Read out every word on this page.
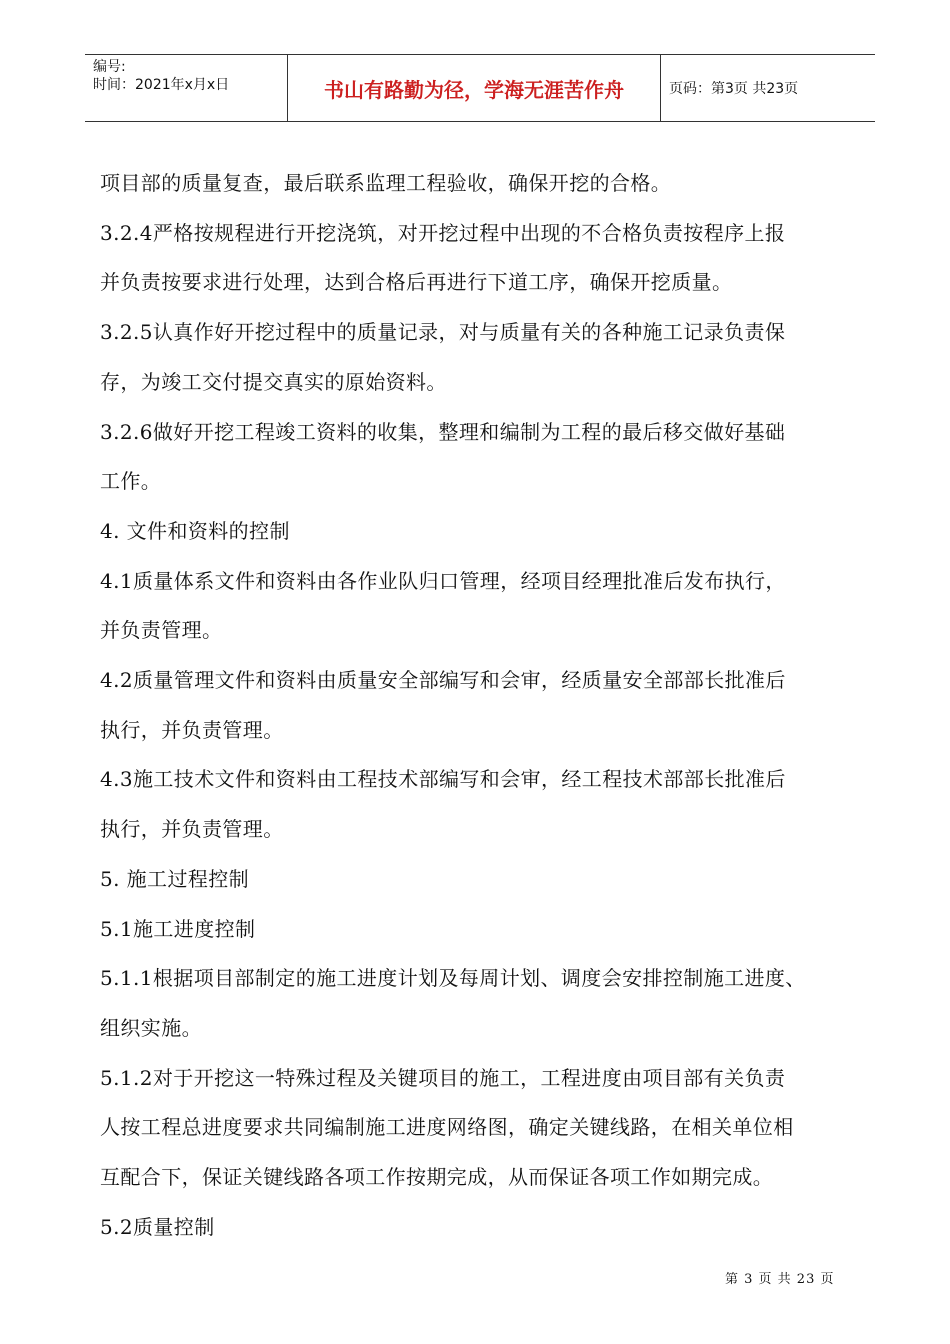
编号:
时间：2021年x月x日	书山有路勤为径，学海无涯苦作舟	页码：第3页 共23页

项目部的质量复查，最后联系监理工程验收，确保开挖的合格。

3.2.4严格按规程进行开挖浇筑，对开挖过程中出现的不合格负责按程序上报

并负责按要求进行处理，达到合格后再进行下道工序，确保开挖质量。

3.2.5认真作好开挖过程中的质量记录，对与质量有关的各种施工记录负责保

存，为竣工交付提交真实的原始资料。

3.2.6做好开挖工程竣工资料的收集，整理和编制为工程的最后移交做好基础

工作。

4. 文件和资料的控制

4.1质量体系文件和资料由各作业队归口管理，经项目经理批准后发布执行，

并负责管理。

4.2质量管理文件和资料由质量安全部编写和会审，经质量安全部部长批准后

执行，并负责管理。

4.3施工技术文件和资料由工程技术部编写和会审，经工程技术部部长批准后

执行，并负责管理。

5. 施工过程控制

5.1施工进度控制

5.1.1根据项目部制定的施工进度计划及每周计划、调度会安排控制施工进度、

组织实施。

5.1.2对于开挖这一特殊过程及关键项目的施工，工程进度由项目部有关负责

人按工程总进度要求共同编制施工进度网络图，确定关键线路，在相关单位相

互配合下，保证关键线路各项工作按期完成，从而保证各项工作如期完成。

5.2质量控制

第 3 页 共 23 页
